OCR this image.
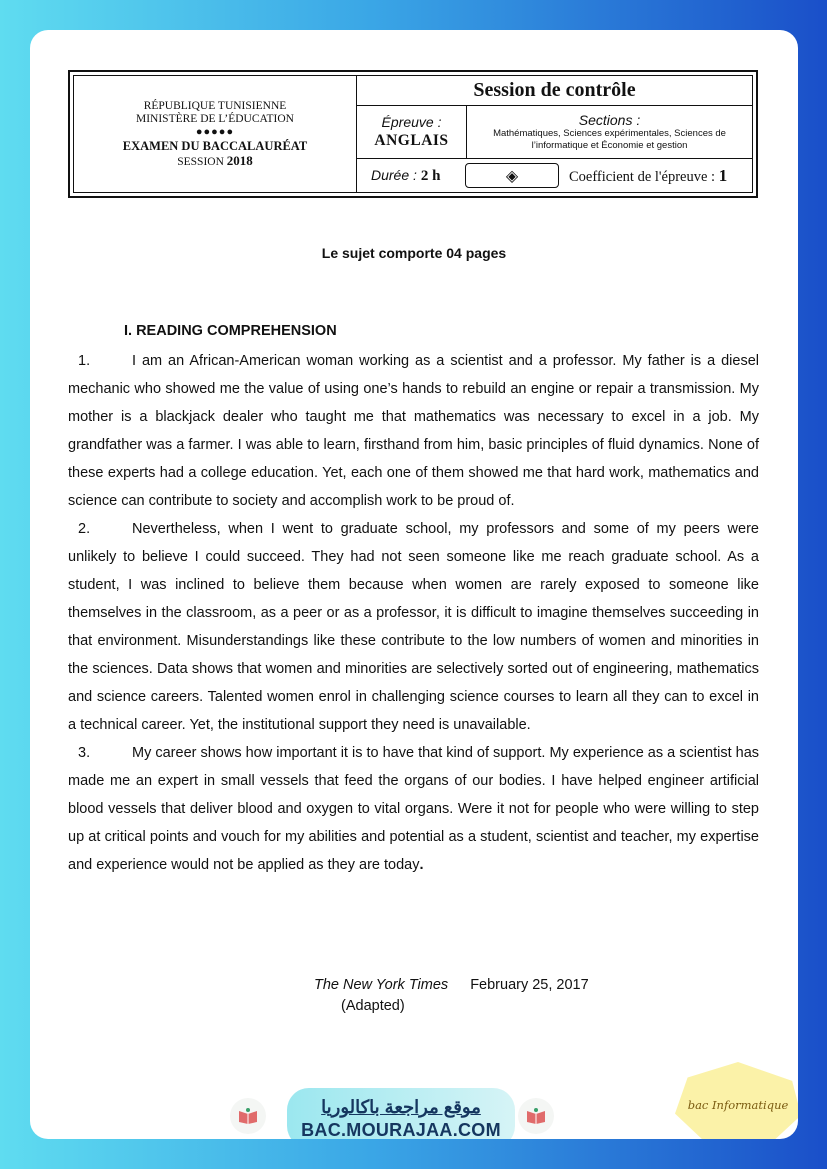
RÉPUBLIQUE TUNISIENNE
MINISTÈRE DE L’ÉDUCATION
●●●●●
EXAMEN DU BACCALAURÉAT
SESSION 2018
Session de contrôle
Épreuve :
ANGLAIS
Sections :
Mathématiques, Sciences expérimentales, Sciences de l’informatique et Économie et gestion
Durée : 2 h	◈	Coefficient de l'épreuve : 1
Le sujet comporte 04 pages
I. READING COMPREHENSION

1.	I am an African-American woman working as a scientist and a professor. My father is a diesel mechanic who showed me the value of using one’s hands to rebuild an engine or repair a transmission. My mother is a blackjack dealer who taught me that mathematics was necessary to excel in a job. My grandfather was a farmer. I was able to learn, firsthand from him, basic principles of fluid dynamics. None of these experts had a college education. Yet, each one of them showed me that hard work, mathematics and science can contribute to society and accomplish work to be proud of.

2.	Nevertheless, when I went to graduate school, my professors and some of my peers were unlikely to believe I could succeed. They had not seen someone like me reach graduate school. As a student, I was inclined to believe them because when women are rarely exposed to someone like themselves in the classroom, as a peer or as a professor, it is difficult to imagine themselves succeeding in that environment. Misunderstandings like these contribute to the low numbers of women and minorities in the sciences. Data shows that women and minorities are selectively sorted out of engineering, mathematics and science careers. Talented women enrol in challenging science courses to learn all they can to excel in a technical career. Yet, the institutional support they need is unavailable.

3.	My career shows how important it is to have that kind of support. My experience as a scientist has made me an expert in small vessels that feed the organs of our bodies. I have helped engineer artificial blood vessels that deliver blood and oxygen to vital organs. Were it not for people who were willing to step up at critical points and vouch for my abilities and potential as a student, scientist and teacher, my expertise and experience would not be applied as they are today.

The New York Times February 25, 2017
(Adapted)
موقع مراجعة باكالوريا
BAC.MOURAJAA.COM
bac Informatique
